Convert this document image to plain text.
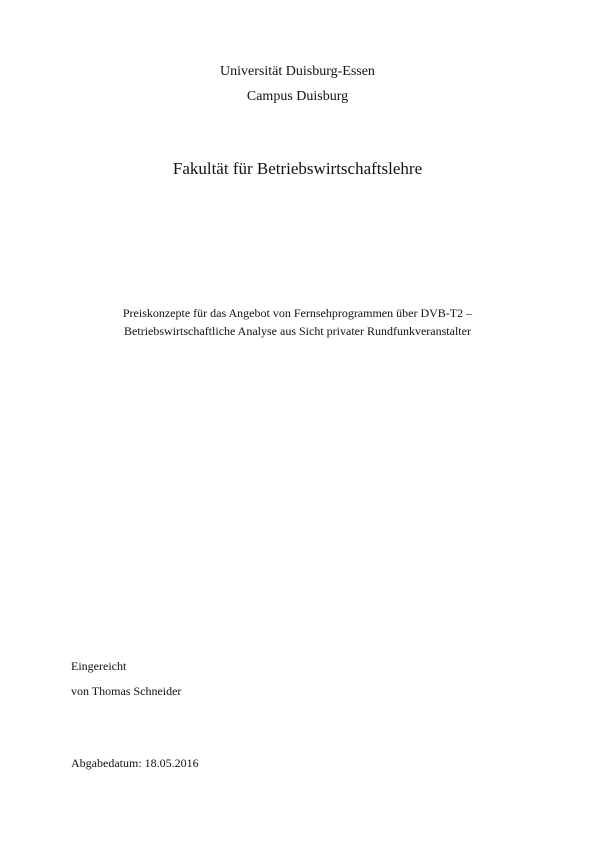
Universität Duisburg-Essen
Campus Duisburg
Fakultät für Betriebswirtschaftslehre
Preiskonzepte für das Angebot von Fernsehprogrammen über DVB-T2 –
Betriebswirtschaftliche Analyse aus Sicht privater Rundfunkveranstalter
Eingereicht
von Thomas Schneider
Abgabedatum: 18.05.2016
